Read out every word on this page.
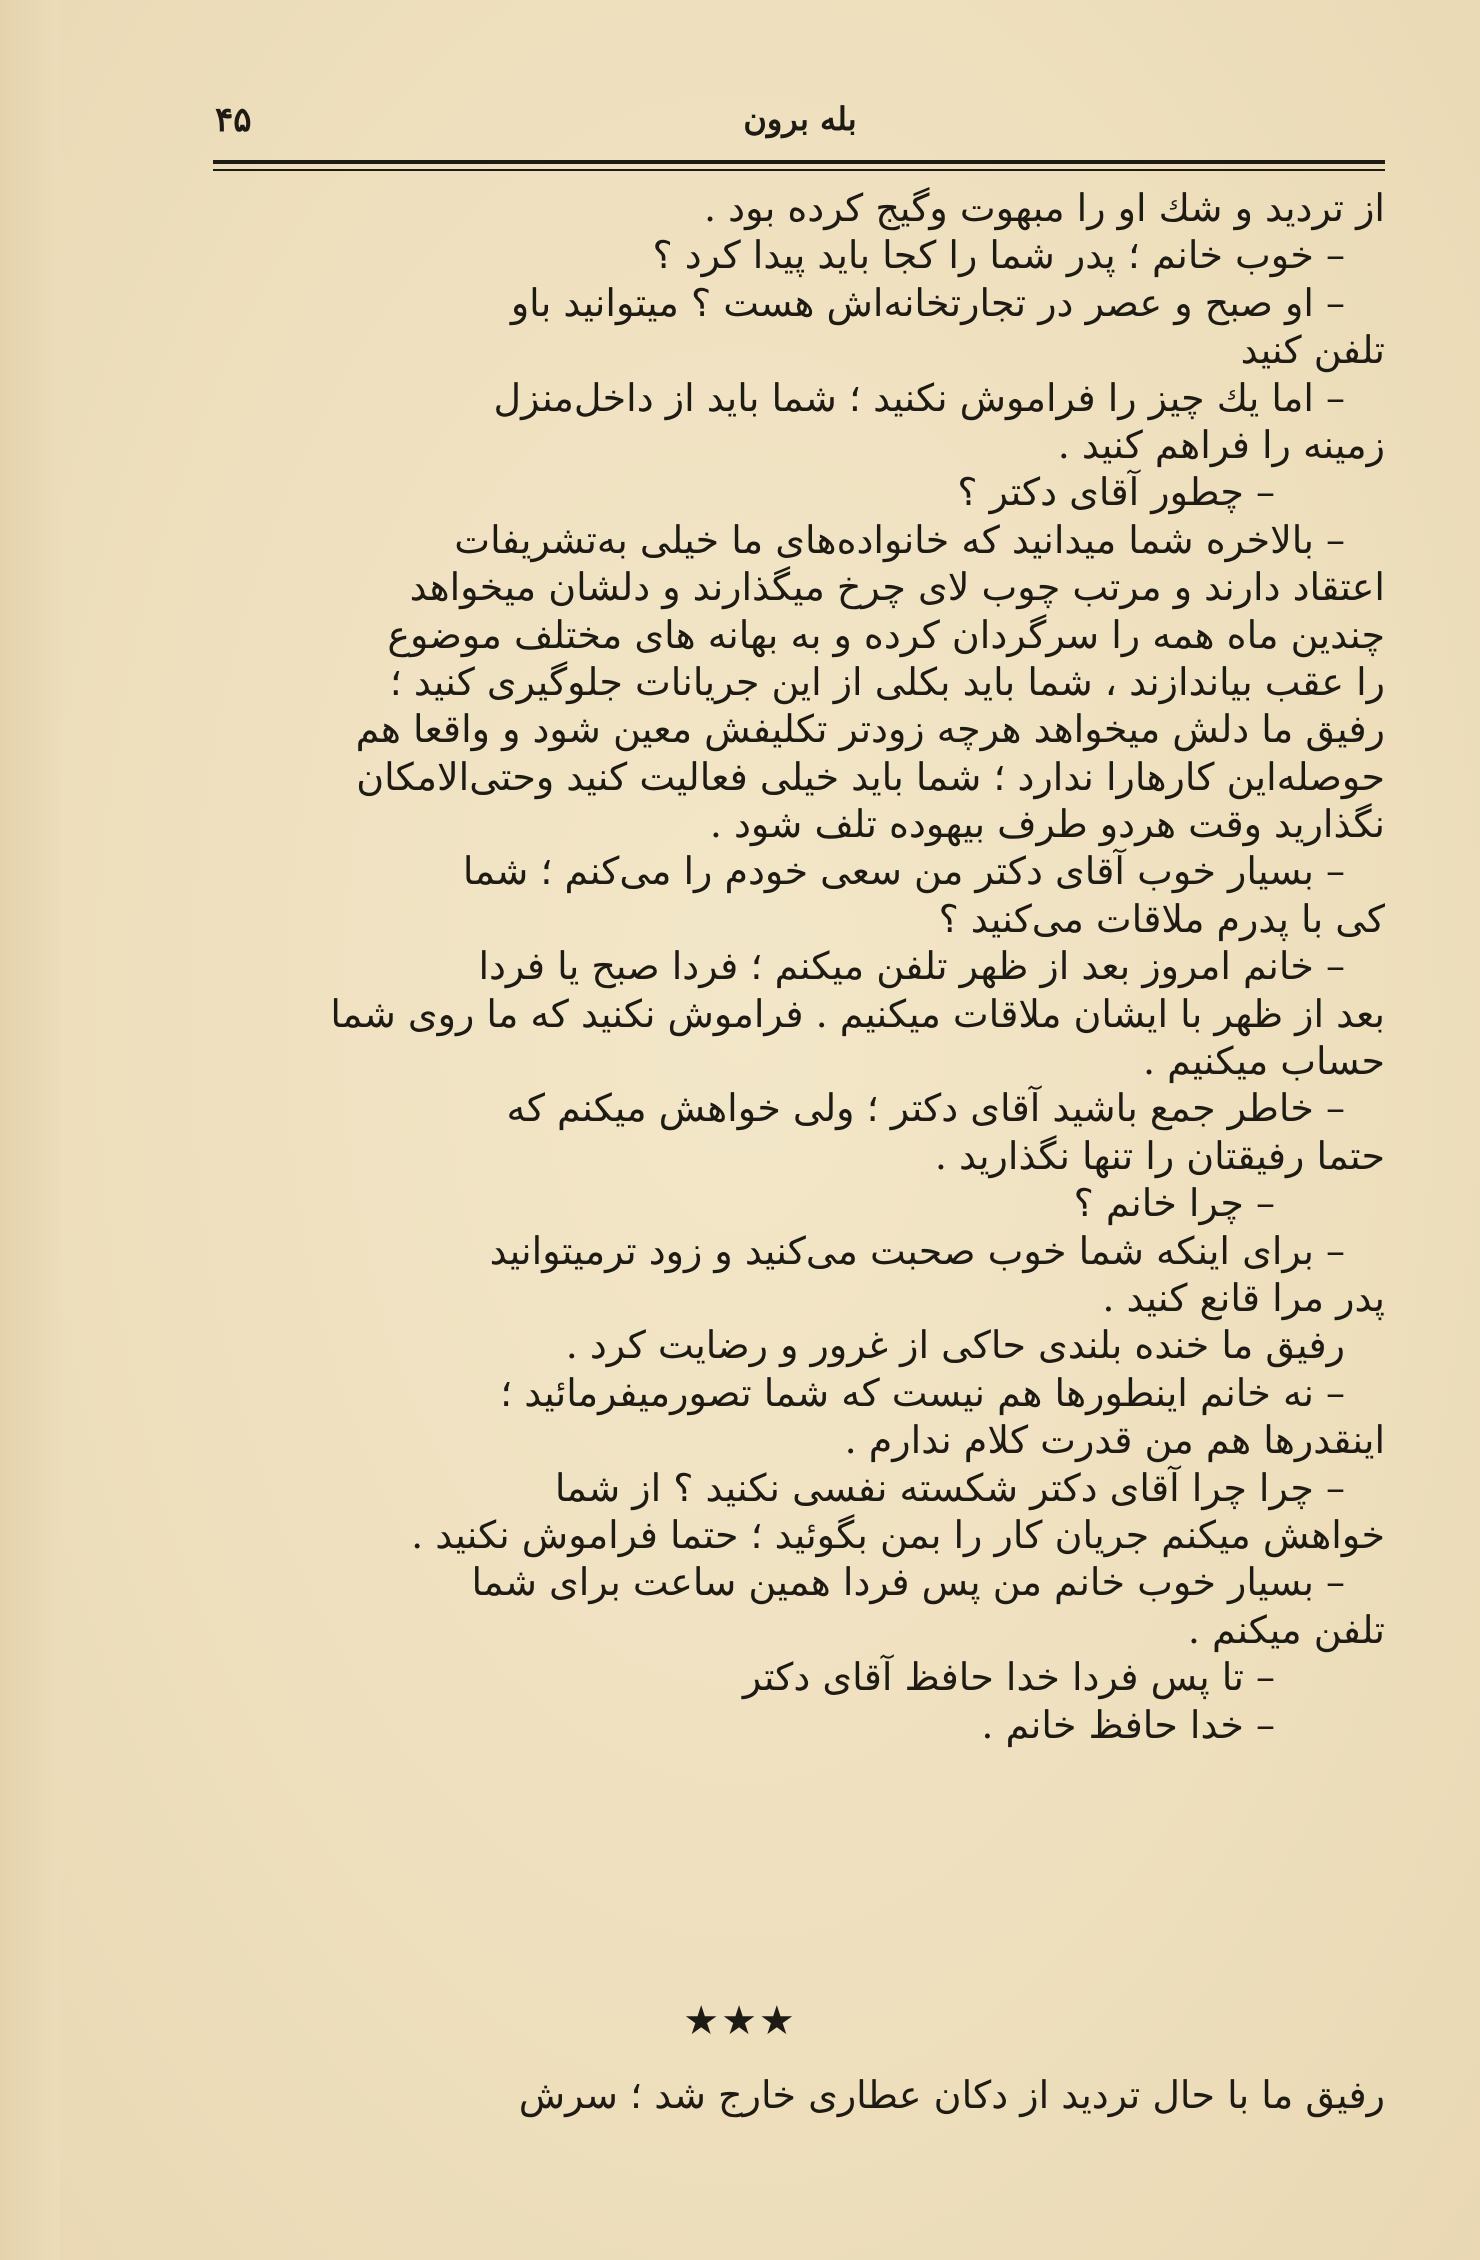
۴۵	بله برون
از تردید و شك او را مبهوت وگیج کرده بود .
– خوب خانم ؛ پدر شما را کجا باید پیدا کرد ؟
– او صبح و عصر در تجارتخانه‌اش هست ؟ میتوانید باو
تلفن کنید
– اما یك چیز را فراموش نکنید ؛ شما باید از داخل‌منزل
زمینه را فراهم کنید .
– چطور آقای دکتر ؟
– بالاخره شما میدانید که خانواده‌های ما خیلی به‌تشریفات
اعتقاد دارند و مرتب چوب لای چرخ میگذارند و دلشان میخواهد
چندین ماه همه را سرگردان کرده و به بهانه های مختلف موضوع
را عقب بیاندازند ، شما باید بکلی از این جریانات جلوگیری کنید ؛
رفیق ما دلش میخواهد هرچه زودتر تکلیفش معین شود و واقعا هم
حوصله‌این کارهارا ندارد ؛ شما باید خیلی فعالیت کنید وحتی‌الامکان
نگذارید وقت هردو طرف بیهوده تلف شود .
– بسیار خوب آقای دکتر من سعی خودم را می‌کنم ؛ شما
کی با پدرم ملاقات می‌کنید ؟
– خانم امروز بعد از ظهر تلفن میکنم ؛ فردا صبح یا فردا
بعد از ظهر با ایشان ملاقات میکنیم . فراموش نکنید که ما روی شما
حساب میکنیم .
– خاطر جمع باشید آقای دکتر ؛ ولی خواهش میکنم که
حتما رفیقتان را تنها نگذارید .
– چرا خانم ؟
– برای اینکه شما خوب صحبت می‌کنید و زود ترمیتوانید
پدر مرا قانع کنید .
رفیق ما خنده بلندی حاکی از غرور و رضایت کرد .
– نه خانم اینطورها هم نیست که شما تصورمیفرمائید ؛
اینقدرها هم من قدرت کلام ندارم .
– چرا چرا آقای دکتر شکسته نفسی نکنید ؟ از شما
خواهش میکنم جریان کار را بمن بگوئید ؛ حتما فراموش نکنید .
– بسیار خوب خانم من پس فردا همین ساعت برای شما
تلفن میکنم .
– تا پس فردا خدا حافظ آقای دکتر
– خدا حافظ خانم .
★★★
رفیق ما با حال تردید از دکان عطاری خارج شد ؛ سرش
